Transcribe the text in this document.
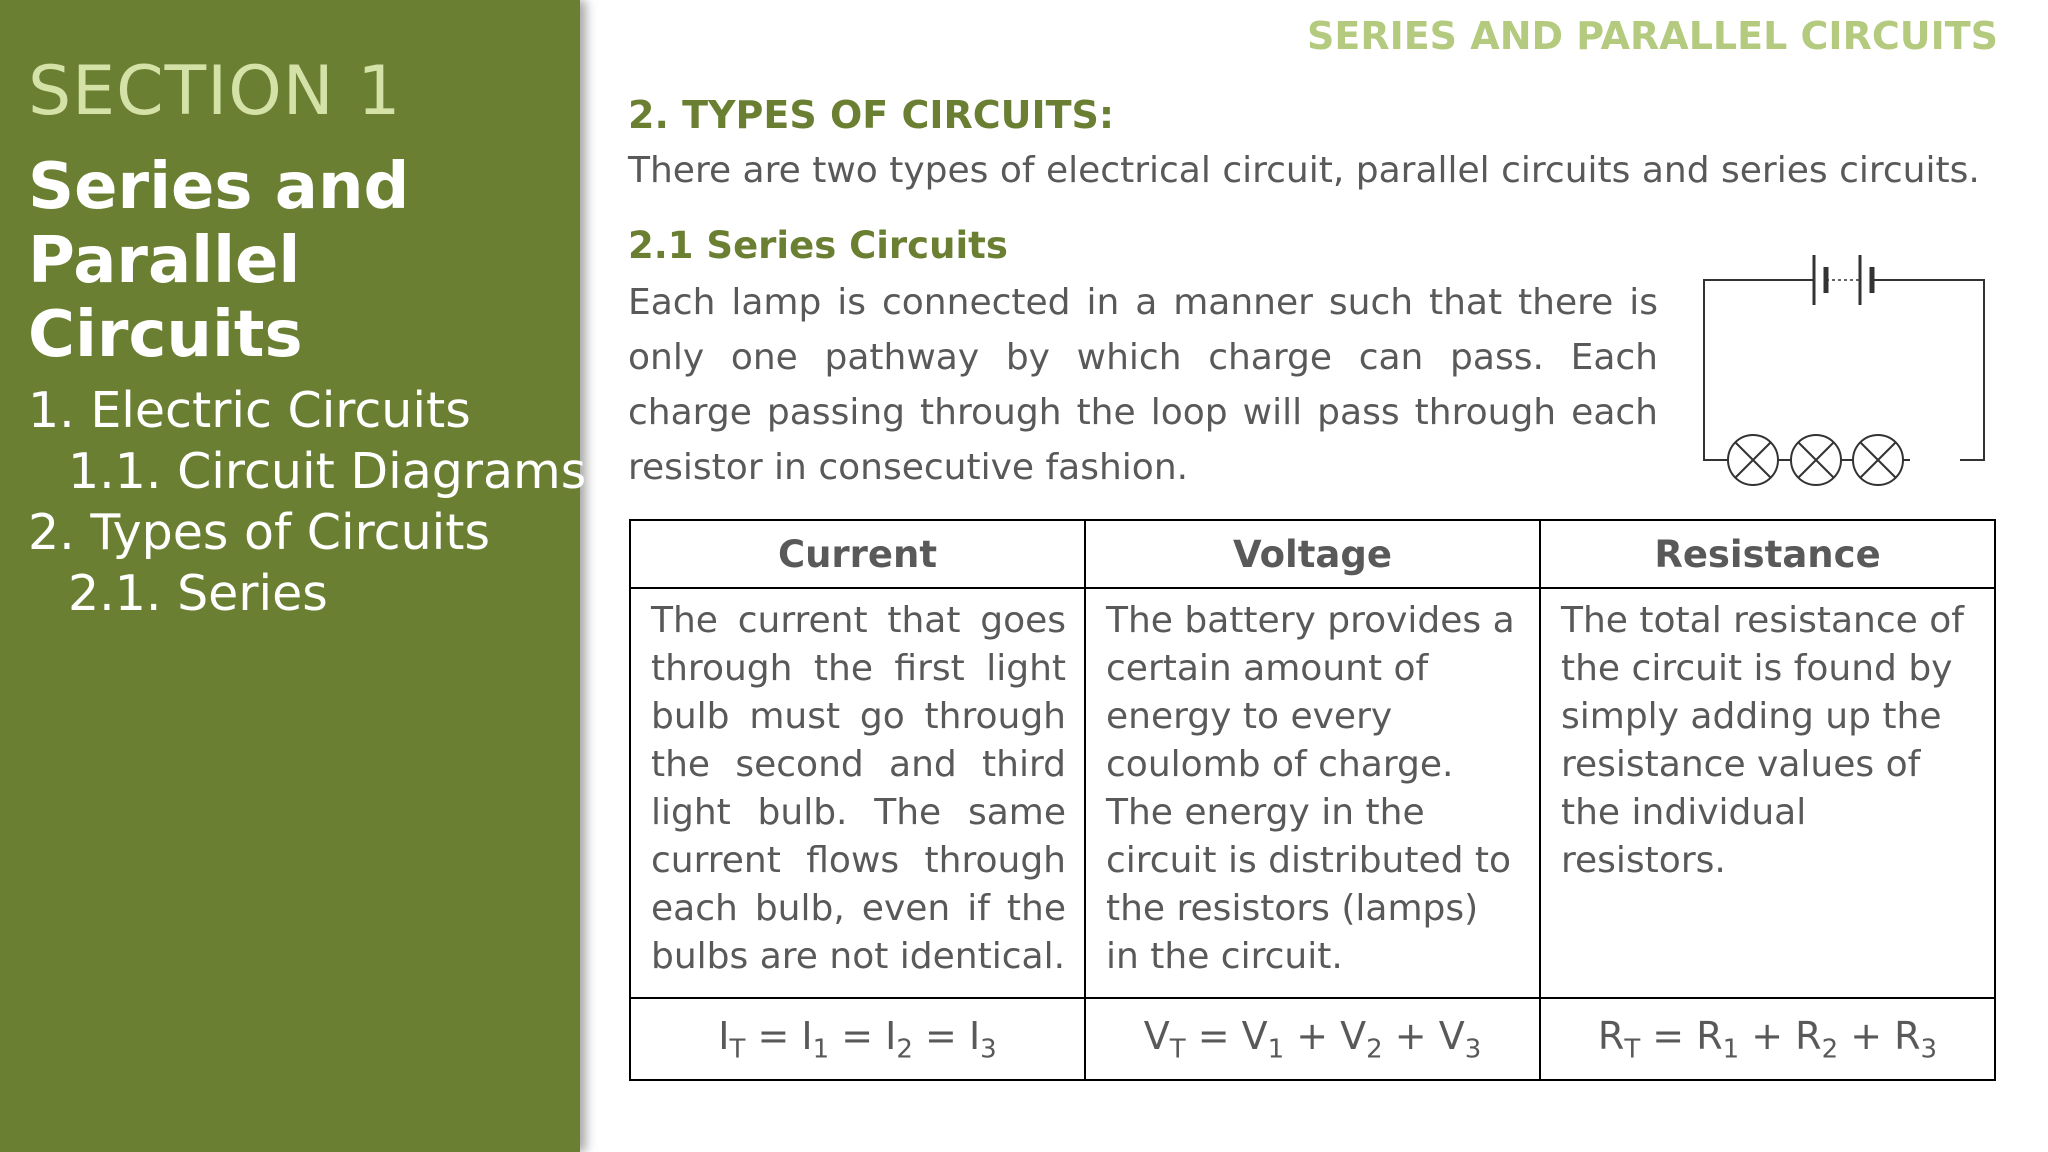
SECTION 1
Series and Parallel
Circuits
1. Electric Circuits
1.1. Circuit Diagrams
2. Types of Circuits
2.1. Series
SERIES AND PARALLEL CIRCUITS
2. TYPES OF CIRCUITS:

There are two types of electrical circuit, parallel circuits and series circuits.

2.1 Series Circuits

Each lamp is connected in a manner such that there is only one pathway by which charge can pass. Each charge passing through the loop will pass through each resistor in consecutive fashion.

Current	Voltage	Resistance
The current that goes through the first light bulb must go through the second and third light bulb. The same current flows through each bulb, even if the bulbs are not identical.	The battery provides a certain amount of energy to every coulomb of charge. The energy in the circuit is distributed to the resistors (lamps) in the circuit.	The total resistance of the circuit is found by simply adding up the resistance values of the individual resistors.
$I_T = I_1 = I_2 = I_3$	$V_T = V_1 + V_2 + V_3$	$R_T = R_1 + R_2 + R_3$
